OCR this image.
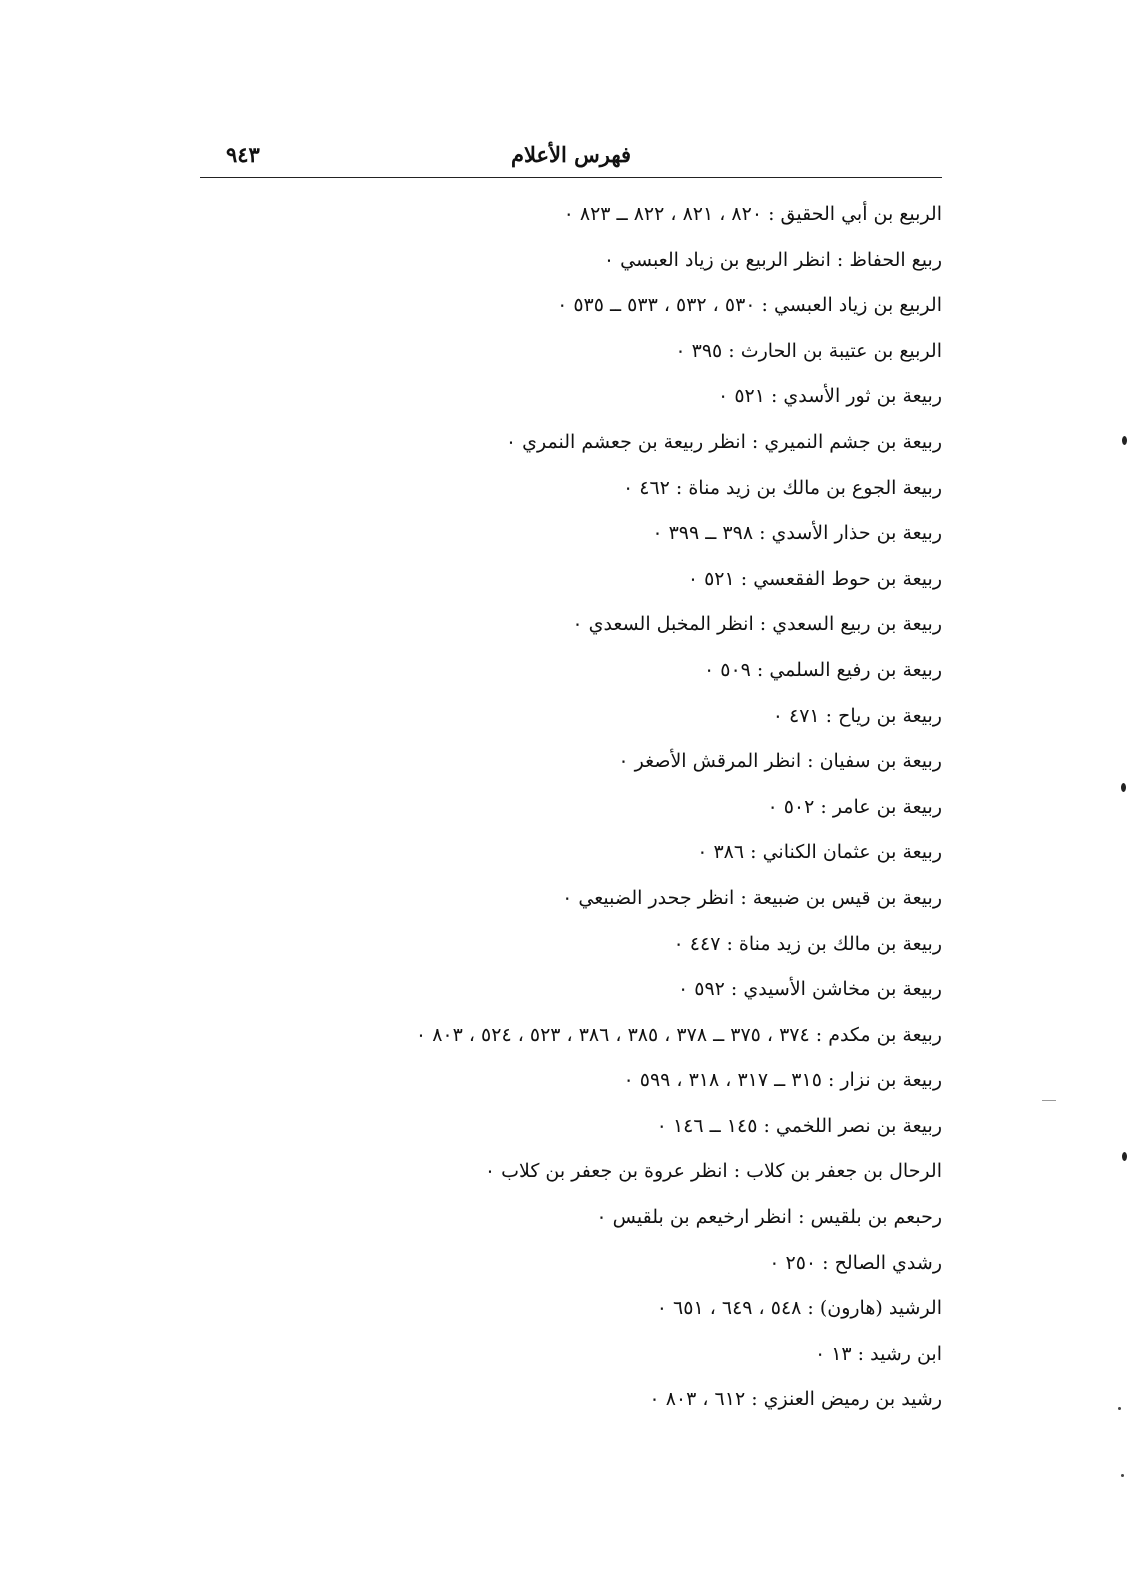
فهرس الأعلام
٩٤٣
الربيع بن أبي الحقيق : ٨٢٠ ، ٨٢١ ، ٨٢٢ ــ ٨٢٣ ٠
ربيع الحفاظ : انظر الربيع بن زياد العبسي ٠
الربيع بن زياد العبسي : ٥٣٠ ، ٥٣٢ ، ٥٣٣ ــ ٥٣٥ ٠
الربيع بن عتيبة بن الحارث : ٣٩٥ ٠
ربيعة بن ثور الأسدي : ٥٢١ ٠
ربيعة بن جشم النميري : انظر ربيعة بن جعشم النمري ٠
ربيعة الجوع بن مالك بن زيد مناة : ٤٦٢ ٠
ربيعة بن حذار الأسدي : ٣٩٨ ــ ٣٩٩ ٠
ربيعة بن حوط الفقعسي : ٥٢١ ٠
ربيعة بن ربيع السعدي : انظر المخبل السعدي ٠
ربيعة بن رفيع السلمي : ٥٠٩ ٠
ربيعة بن رياح : ٤٧١ ٠
ربيعة بن سفيان : انظر المرقش الأصغر ٠
ربيعة بن عامر : ٥٠٢ ٠
ربيعة بن عثمان الكناني : ٣٨٦ ٠
ربيعة بن قيس بن ضبيعة : انظر جحدر الضبيعي ٠
ربيعة بن مالك بن زيد مناة : ٤٤٧ ٠
ربيعة بن مخاشن الأسيدي : ٥٩٢ ٠
ربيعة بن مكدم : ٣٧٤ ، ٣٧٥ ــ ٣٧٨ ، ٣٨٥ ، ٣٨٦ ، ٥٢٣ ، ٥٢٤ ، ٨٠٣ ٠
ربيعة بن نزار : ٣١٥ ــ ٣١٧ ، ٣١٨ ، ٥٩٩ ٠
ربيعة بن نصر اللخمي : ١٤٥ ــ ١٤٦ ٠
الرحال بن جعفر بن كلاب : انظر عروة بن جعفر بن كلاب ٠
رحبعم بن بلقيس : انظر ارخيعم بن بلقيس ٠
رشدي الصالح : ٢٥٠ ٠
الرشيد (هارون) : ٥٤٨ ، ٦٤٩ ، ٦٥١ ٠
ابن رشيد : ١٣ ٠
رشيد بن رميض العنزي : ٦١٢ ، ٨٠٣ ٠
